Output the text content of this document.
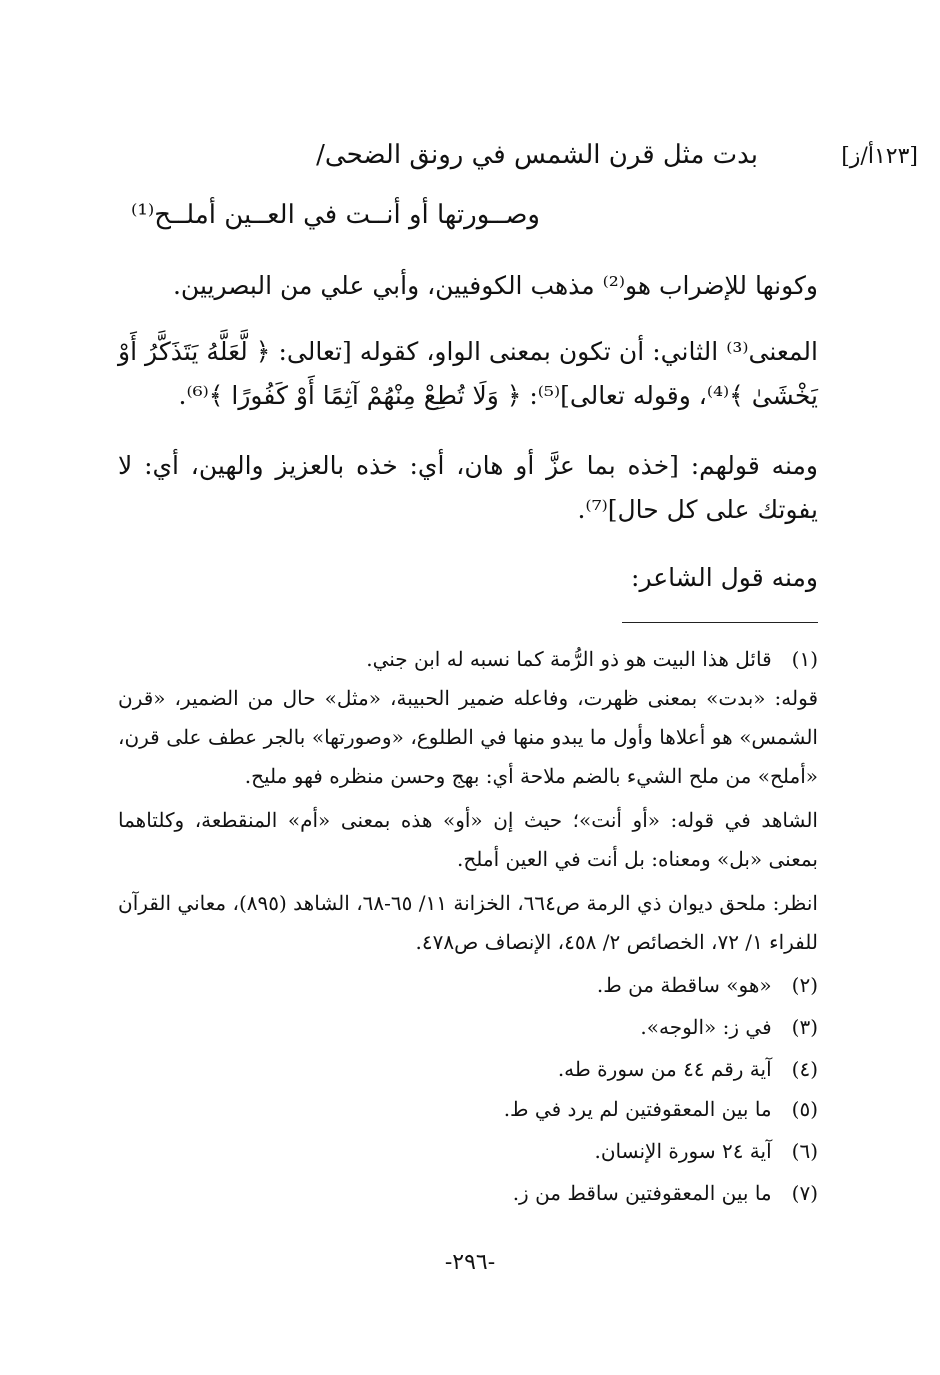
[١٢٣أ/ز]
بدت مثل قرن الشمس في رونق الضحى/
وصــورتها أو أنــت في العــين أملــح⁽¹⁾
وكونها للإضراب هو⁽²⁾ مذهب الكوفيين، وأبي علي من البصريين.
المعنى⁽³⁾ الثاني: أن تكون بمعنى الواو، كقوله [تعالى: ﴿ لَّعَلَّهُ يَتَذَكَّرُ أَوْ يَخْشَىٰ ﴾⁽⁴⁾، وقوله تعالى]⁽⁵⁾: ﴿ وَلَا تُطِعْ مِنْهُمْ آثِمًا أَوْ كَفُورًا ﴾⁽⁶⁾.
ومنه قولهم: [خذه بما عزَّ أو هان، أي: خذه بالعزيز والهين، أي: لا يفوتك على كل حال]⁽⁷⁾.
ومنه قول الشاعر:
(١) قائل هذا البيت هو ذو الرُّمة كما نسبه له ابن جني.
قوله: «بدت» بمعنى ظهرت، وفاعله ضمير الحبيبة، «مثل» حال من الضمير، «قرن الشمس» هو أعلاها وأول ما يبدو منها في الطلوع، «وصورتها» بالجر عطف على قرن، «أملح» من ملح الشيء بالضم ملاحة أي: بهج وحسن منظره فهو مليح.
الشاهد في قوله: «أو أنت»؛ حيث إن «أو» هذه بمعنى «أم» المنقطعة، وكلتاهما بمعنى «بل» ومعناه: بل أنت في العين أملح.
انظر: ملحق ديوان ذي الرمة ص٦٦٤، الخزانة ١١/ ٦٥-٦٨، الشاهد (٨٩٥)، معاني القرآن للفراء ١/ ٧٢، الخصائص ٢/ ٤٥٨، الإنصاف ص٤٧٨.
(٢) «هو» ساقطة من ط.
(٣) في ز: «الوجه».
(٤) آية رقم ٤٤ من سورة طه.
(٥) ما بين المعقوفتين لم يرد في ط.
(٦) آية ٢٤ سورة الإنسان.
(٧) ما بين المعقوفتين ساقط من ز.
-٢٩٦-
